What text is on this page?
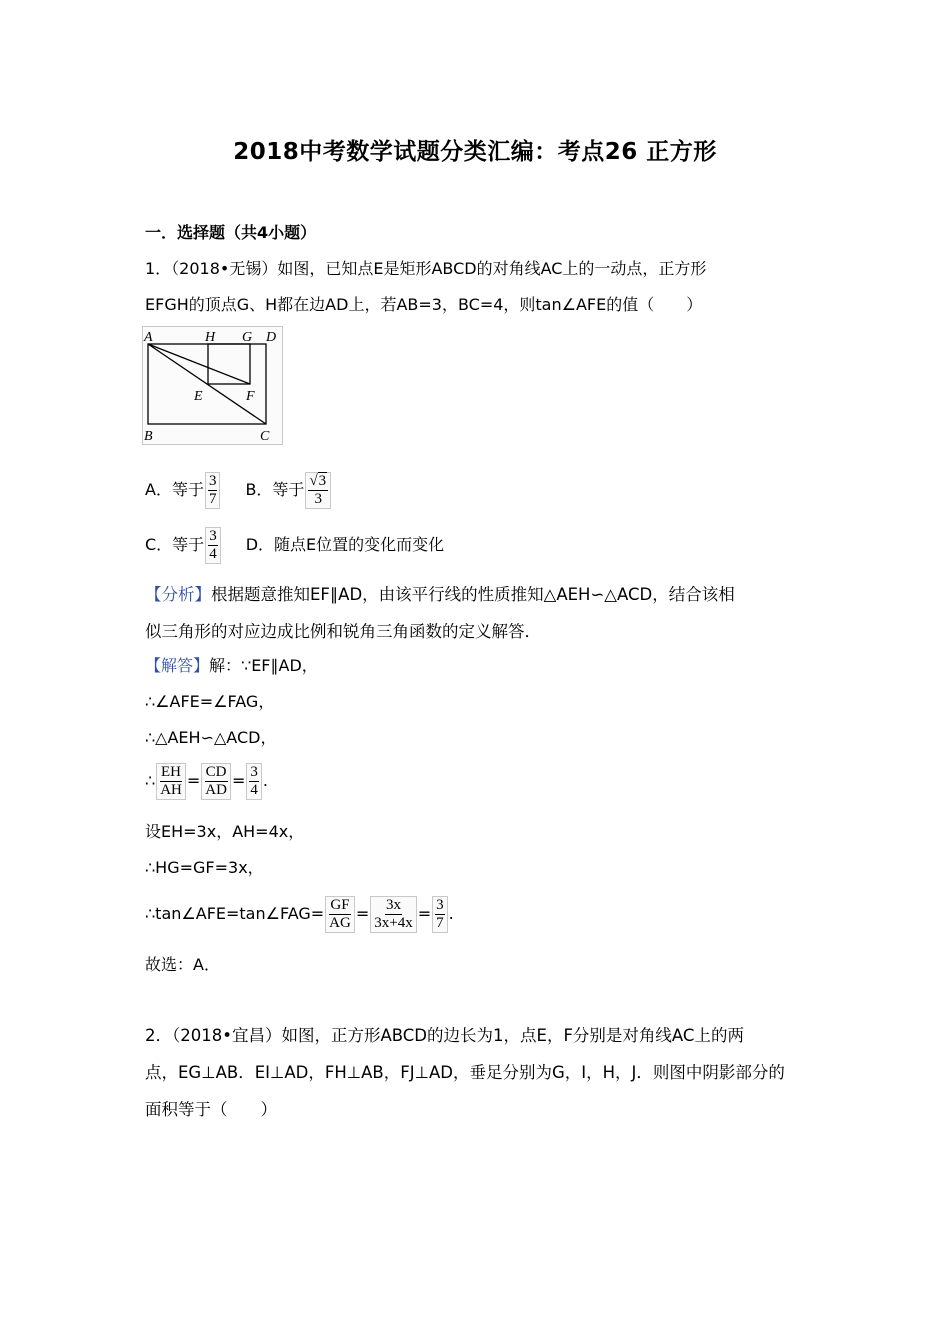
2018中考数学试题分类汇编：考点26 正方形
一．选择题（共4小题）
1．（2018•无锡）如图，已知点E是矩形ABCD的对角线AC上的一动点，正方形
EFGH的顶点G、H都在边AD上，若AB=3，BC=4，则tan∠AFE的值（　　）
A	H G D
E	F
B	C
A．等于 $\frac{3}{7}$ B．等于 $\frac{√3}{3}$
C．等于 $\frac{3}{4}$ D．随点E位置的变化而变化
【分析】根据题意推知EF∥AD，由该平行线的性质推知△AEH∽△ACD，结合该相
似三角形的对应边成比例和锐角三角函数的定义解答．
【解答】解：∵EF∥AD，
∴∠AFE=∠FAG，
∴△AEH∽△ACD，
∴ $\frac{EH}{AH} = \frac{CD}{AD} = \frac{3}{4}$ .
设EH=3x，AH=4x，
∴HG=GF=3x，
∴tan∠AFE=tan∠FAG= $\frac{GF}{AG} = \frac{3x}{3x+4x} = \frac{3}{7}$ .
故选：A．
2．（2018•宜昌）如图，正方形ABCD的边长为1，点E，F分别是对角线AC上的两
点，EG⊥AB．EI⊥AD，FH⊥AB，FJ⊥AD，垂足分别为G，I，H，J．则图中阴影部分的
面积等于（　　）
